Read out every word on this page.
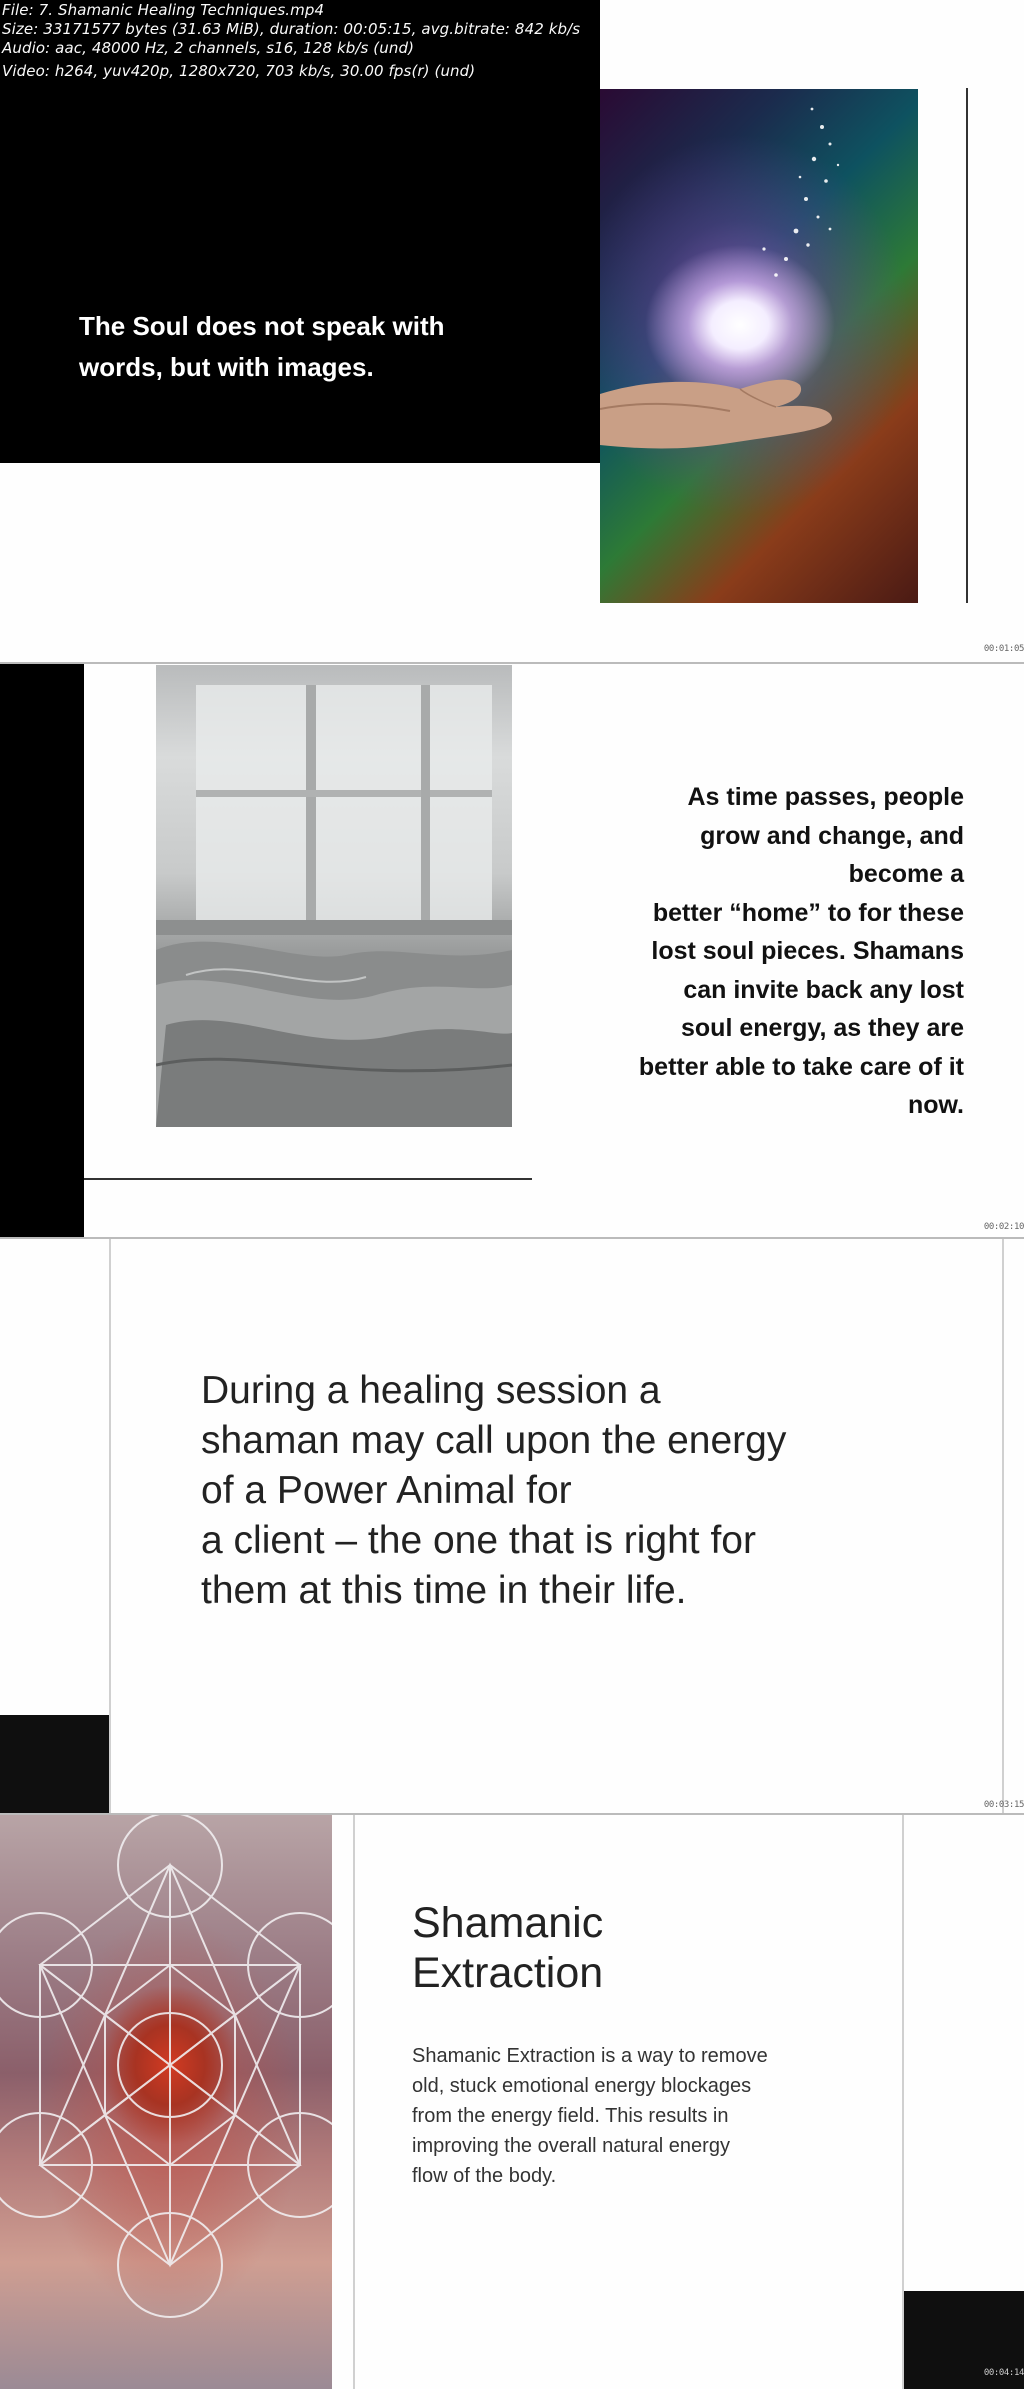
File: 7. Shamanic Healing Techniques.mp4
Size: 33171577 bytes (31.63 MiB), duration: 00:05:15, avg.bitrate: 842 kb/s
Audio: aac, 48000 Hz, 2 channels, s16, 128 kb/s (und)
Video: h264, yuv420p, 1280x720, 703 kb/s, 30.00 fps(r) (und)
The Soul does not speak with
words, but with images.
00:01:05
As time passes, people
grow and change, and
become a
better “home” to for these
lost soul pieces. Shamans
can invite back any lost
soul energy, as they are
better able to take care of it
now.
00:02:10
During a healing session a
shaman may call upon the energy
of a Power Animal for
a client – the one that is right for
them at this time in their life.
00:03:15
Shamanic
Extraction
Shamanic Extraction is a way to remove
old, stuck emotional energy blockages
from the energy field. This results in
improving the overall natural energy
flow of the body.
00:04:14
